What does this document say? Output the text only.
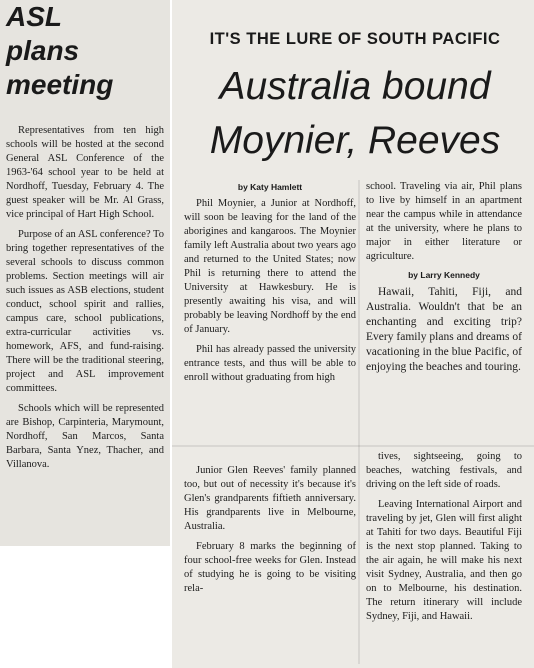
ASL
plans
meeting

Representatives from ten high schools will be hosted at the second General ASL Conference of the 1963-'64 school year to be held at Nordhoff, Tuesday, February 4. The guest speaker will be Mr. Al Grass, vice principal of Hart High School.

Purpose of an ASL conference? To bring together representatives of the several schools to discuss common problems. Section meetings will air such issues as ASB elections, student conduct, school spirit and rallies, campus care, school publications, extra-curricular activities vs. homework, AFS, and fund-raising. There will be the traditional steering, project and ASL improvement committees.

Schools which will be represented are Bishop, Carpinteria, Marymount, Nordhoff, San Marcos, Santa Barbara, Santa Ynez, Thacher, and Villanova.

IT'S THE LURE OF SOUTH PACIFIC
Australia bound
Moynier, Reeves
by Katy Hamlett

Phil Moynier, a Junior at Nordhoff, will soon be leaving for the land of the aborigines and kangaroos. The Moynier family left Australia about two years ago and returned to the United States; now Phil is returning there to attend the University at Hawkesbury. He is presently awaiting his visa, and will probably be leaving Nordhoff by the end of January.

Phil has already passed the university entrance tests, and thus will be able to enroll without graduating from high

school. Traveling via air, Phil plans to live by himself in an apartment near the campus while in attendance at the university, where he plans to major in either literature or agriculture.

by Larry Kennedy

Hawaii, Tahiti, Fiji, and Australia. Wouldn't that be an enchanting and exciting trip? Every family plans and dreams of vacationing in the blue Pacific, of enjoying the beaches and touring.

Junior Glen Reeves' family planned too, but out of necessity it's because it's Glen's grandparents fiftieth anniversary. His grandparents live in Melbourne, Australia.

February 8 marks the beginning of four school-free weeks for Glen. Instead of studying he is going to be visiting rela-

tives, sightseeing, going to beaches, watching festivals, and driving on the left side of roads.

Leaving International Airport and traveling by jet, Glen will first alight at Tahiti for two days. Beautiful Fiji is the next stop planned. Taking to the air again, he will make his next visit Sydney, Australia, and then go on to Melbourne, his destination. The return itinerary will include Sydney, Fiji, and Hawaii.
